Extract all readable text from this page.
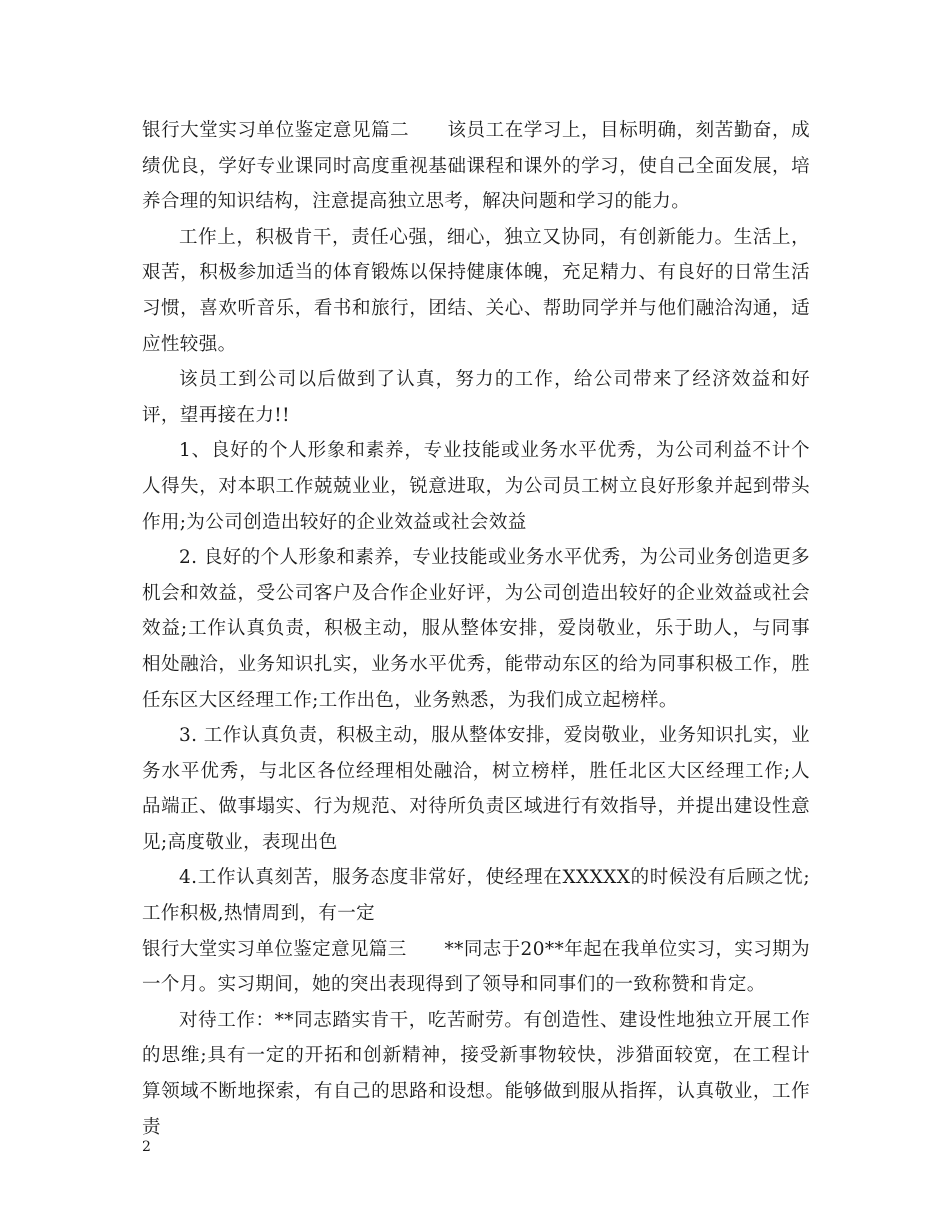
银行大堂实习单位鉴定意见篇二　　该员工在学习上，目标明确，刻苦勤奋，成绩优良，学好专业课同时高度重视基础课程和课外的学习，使自己全面发展，培养合理的知识结构，注意提高独立思考，解决问题和学习的能力。

工作上，积极肯干，责任心强，细心，独立又协同，有创新能力。生活上，艰苦，积极参加适当的体育锻炼以保持健康体魄，充足精力、有良好的日常生活习惯，喜欢听音乐，看书和旅行，团结、关心、帮助同学并与他们融洽沟通，适应性较强。

该员工到公司以后做到了认真，努力的工作，给公司带来了经济效益和好评，望再接在力!!

1、良好的个人形象和素养，专业技能或业务水平优秀，为公司利益不计个人得失，对本职工作兢兢业业，锐意进取，为公司员工树立良好形象并起到带头作用;为公司创造出较好的企业效益或社会效益

2. 良好的个人形象和素养，专业技能或业务水平优秀，为公司业务创造更多机会和效益，受公司客户及合作企业好评，为公司创造出较好的企业效益或社会效益;工作认真负责，积极主动，服从整体安排，爱岗敬业，乐于助人，与同事相处融洽，业务知识扎实，业务水平优秀，能带动东区的给为同事积极工作，胜任东区大区经理工作;工作出色，业务熟悉，为我们成立起榜样。

3. 工作认真负责，积极主动，服从整体安排，爱岗敬业，业务知识扎实，业务水平优秀，与北区各位经理相处融洽，树立榜样，胜任北区大区经理工作;人品端正、做事塌实、行为规范、对待所负责区域进行有效指导，并提出建设性意见;高度敬业，表现出色

4.工作认真刻苦，服务态度非常好，使经理在XXXXX的时候没有后顾之忧;工作积极,热情周到，有一定

银行大堂实习单位鉴定意见篇三　　**同志于20**年起在我单位实习，实习期为一个月。实习期间，她的突出表现得到了领导和同事们的一致称赞和肯定。

对待工作：**同志踏实肯干，吃苦耐劳。有创造性、建设性地独立开展工作的思维;具有一定的开拓和创新精神，接受新事物较快，涉猎面较宽，在工程计算领域不断地探索，有自己的思路和设想。能够做到服从指挥，认真敬业，工作责

2
